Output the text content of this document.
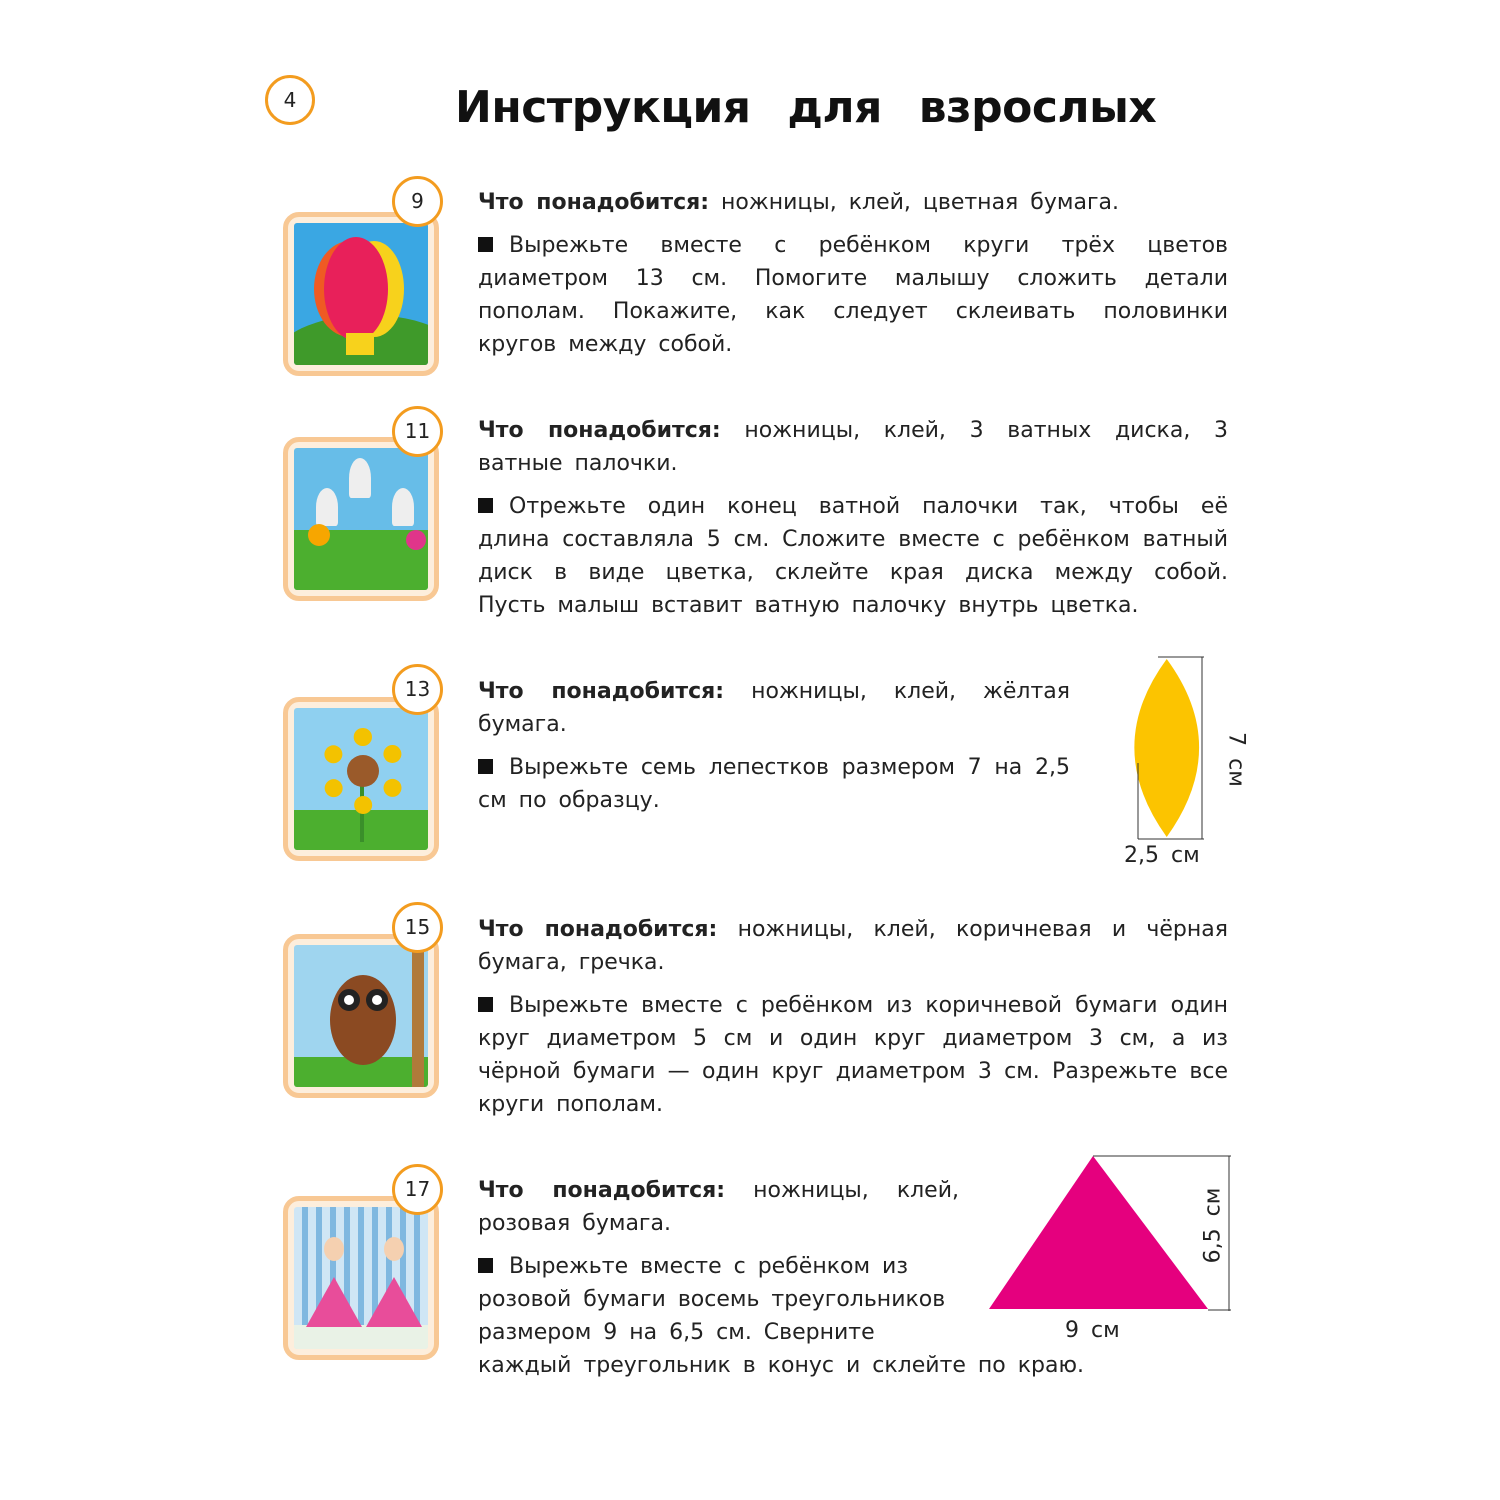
4	Инструкция для взрослых
9	Что понадобится: ножницы, клей, цветная бумага.

Вырежьте вместе с ребёнком круги трёх цветов диаметром 13 см. Помогите малышу сложить детали пополам. Покажите, как следует склеивать половинки кругов между собой.

11	Что понадобится: ножницы, клей, 3 ватных диска, 3 ватные палочки.

Отрежьте один конец ватной палочки так, чтобы её длина составляла 5 см. Сложите вместе с ребёнком ватный диск в виде цветка, склейте края диска между собой. Пусть малыш вставит ватную палочку внутрь цветка.

13
7 см
2,5 см

Что понадобится: ножницы, клей, жёлтая бумага.

Вырежьте семь лепестков размером 7 на 2,5 см по образцу.

15	Что понадобится: ножницы, клей, коричневая и чёрная бумага, гречка.

Вырежьте вместе с ребёнком из коричневой бумаги один круг диаметром 5 см и один круг диаметром 3 см, а из чёрной бумаги — один круг диаметром 3 см. Разрежьте все круги пополам.

17	6,5 см
9 см

Что понадобится: ножницы, клей, розовая бумага.

Вырежьте вместе с ребёнком из розовой бумаги восемь треугольников размером 9 на 6,5 см. Сверните каждый треугольник в конус и склейте по краю.
